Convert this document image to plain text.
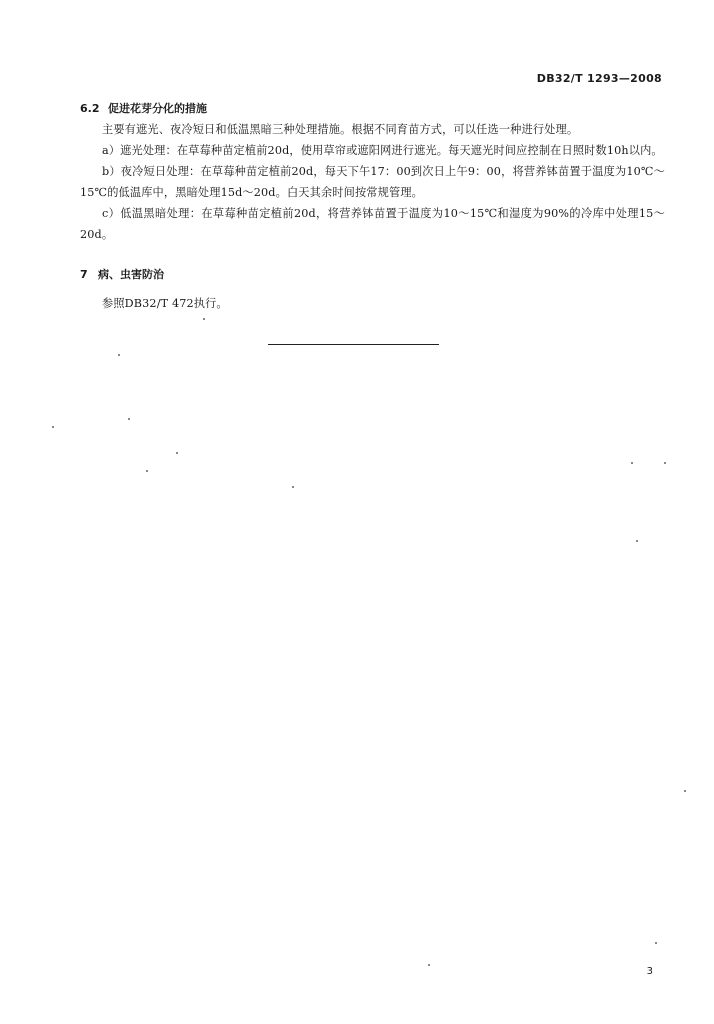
DB32/T 1293—2008
6.2 促进花芽分化的措施
主要有遮光、夜冷短日和低温黑暗三种处理措施。根据不同育苗方式，可以任选一种进行处理。
a）遮光处理：在草莓种苗定植前20d，使用草帘或遮阳网进行遮光。每天遮光时间应控制在日照时数10h以内。
b）夜冷短日处理：在草莓种苗定植前20d，每天下午17：00到次日上午9：00，将营养钵苗置于温度为10℃～15℃的低温库中，黑暗处理15d～20d。白天其余时间按常规管理。
c）低温黑暗处理：在草莓种苗定植前20d，将营养钵苗置于温度为10～15℃和湿度为90%的冷库中处理15～20d。
7 病、虫害防治
参照DB32/T 472执行。
3
